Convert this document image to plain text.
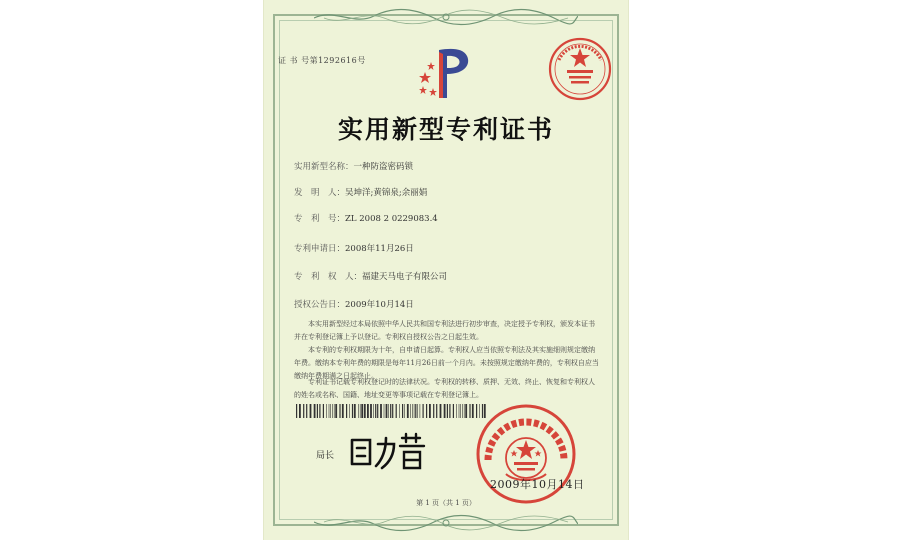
证 书 号第1292616号
实用新型专利证书
实用新型名称：一种防盗密码锁
发　明　人：吴坤洋;黄锦泉;余丽娟
专　利　号：ZL 2008 2 0229083.4
专利申请日：2008年11月26日
专　利　权　人：福建天马电子有限公司
授权公告日：2009年10月14日

本实用新型经过本局依照中华人民共和国专利法进行初步审查，决定授予专利权，颁发本证书并在专利登记簿上予以登记。专利权自授权公告之日起生效。

本专利的专利权期限为十年，自申请日起算。专利权人应当依照专利法及其实施细则规定缴纳年费。缴纳本专利年费的期限是每年11月26日前一个月内。未按照规定缴纳年费的，专利权自应当缴纳年费期满之日起终止。

专利证书记载专利权登记时的法律状况。专利权的转移、质押、无效、终止、恢复和专利权人的姓名或名称、国籍、地址变更等事项记载在专利登记簿上。

局长
2009年10月14日
第 1 页（共 1 页）
